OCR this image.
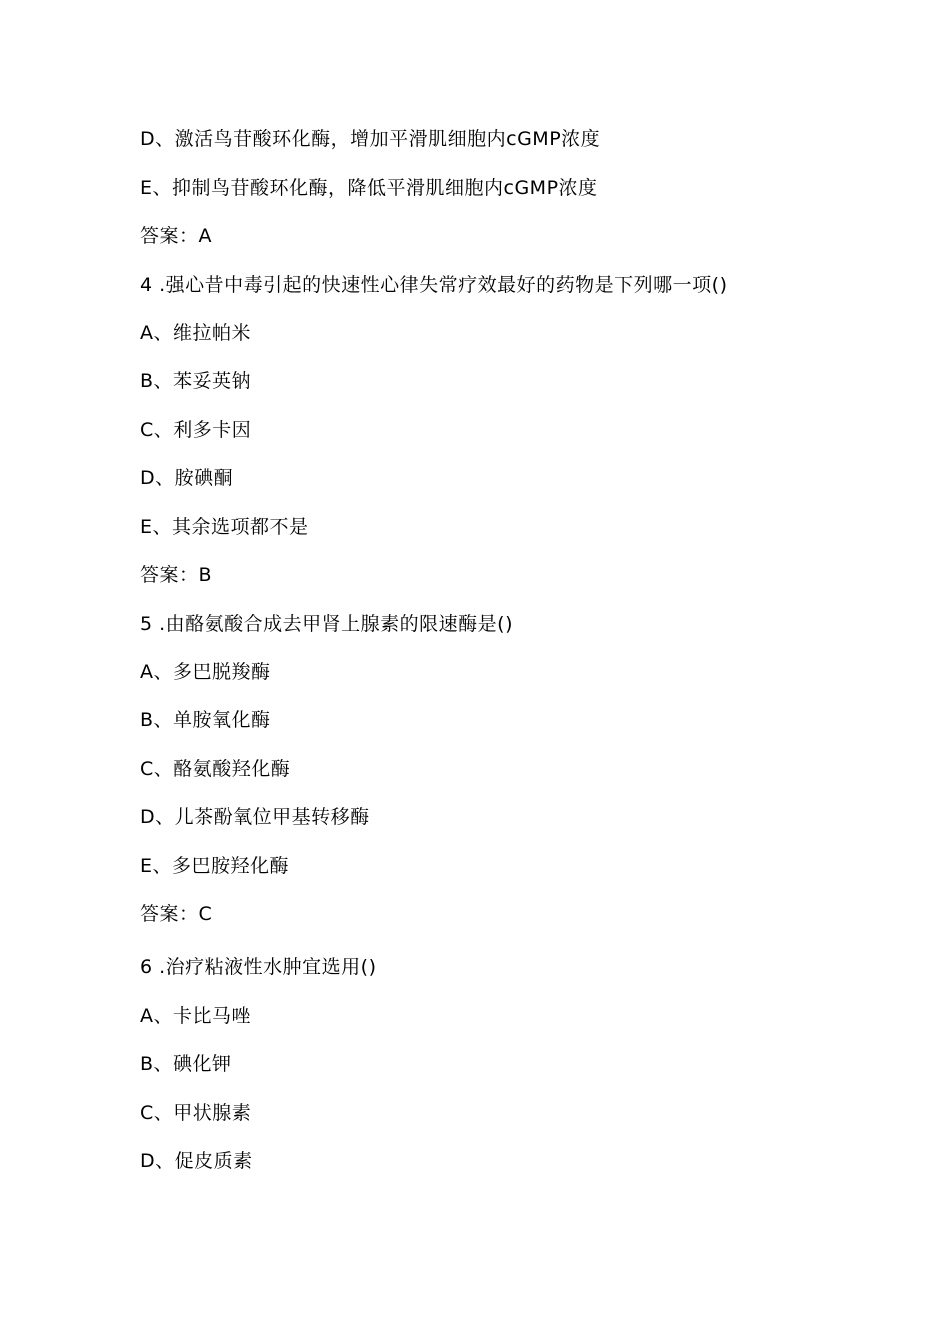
D、激活鸟苷酸环化酶，增加平滑肌细胞内cGMP浓度
E、抑制鸟苷酸环化酶，降低平滑肌细胞内cGMP浓度
答案：A
4 .强心昔中毒引起的快速性心律失常疗效最好的药物是下列哪一项()
A、维拉帕米
B、苯妥英钠
C、利多卡因
D、胺碘酮
E、其余选项都不是
答案：B
5 .由酪氨酸合成去甲肾上腺素的限速酶是()
A、多巴脱羧酶
B、单胺氧化酶
C、酪氨酸羟化酶
D、儿茶酚氧位甲基转移酶
E、多巴胺羟化酶
答案：C
6 .治疗粘液性水肿宜选用()
A、卡比马唑
B、碘化钾
C、甲状腺素
D、促皮质素
